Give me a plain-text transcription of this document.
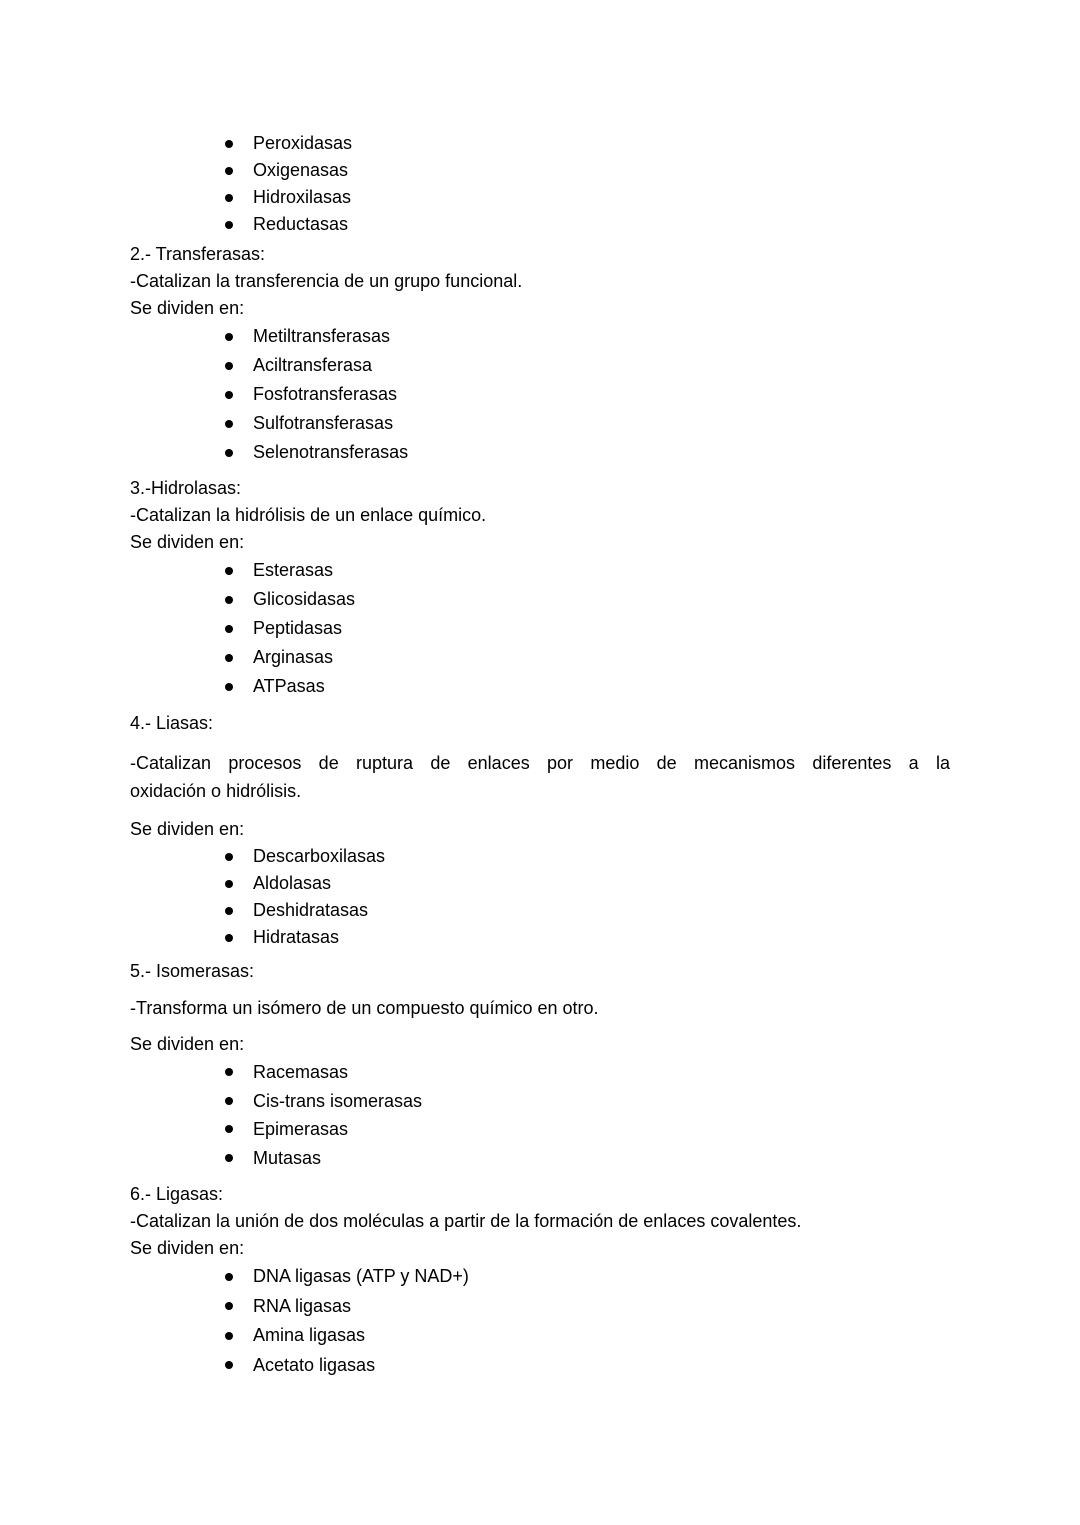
Peroxidasas
Oxigenasas
Hidroxilasas
Reductasas
2.- Transferasas:
-Catalizan la transferencia de un grupo funcional.
Se dividen en:
Metiltransferasas
Aciltransferasa
Fosfotransferasas
Sulfotransferasas
Selenotransferasas
3.-Hidrolasas:
-Catalizan la hidrólisis de un enlace químico.
Se dividen en:
Esterasas
Glicosidasas
Peptidasas
Arginasas
ATPasas
4.- Liasas:
-Catalizan procesos de ruptura de enlaces por medio de mecanismos diferentes a la
oxidación o hidrólisis.
Se dividen en:
Descarboxilasas
Aldolasas
Deshidratasas
Hidratasas
5.- Isomerasas:
-Transforma un isómero de un compuesto químico en otro.
Se dividen en:
Racemasas
Cis-trans isomerasas
Epimerasas
Mutasas
6.- Ligasas:
-Catalizan la unión de dos moléculas a partir de la formación de enlaces covalentes.
Se dividen en:
DNA ligasas (ATP y NAD+)
RNA ligasas
Amina ligasas
Acetato ligasas
